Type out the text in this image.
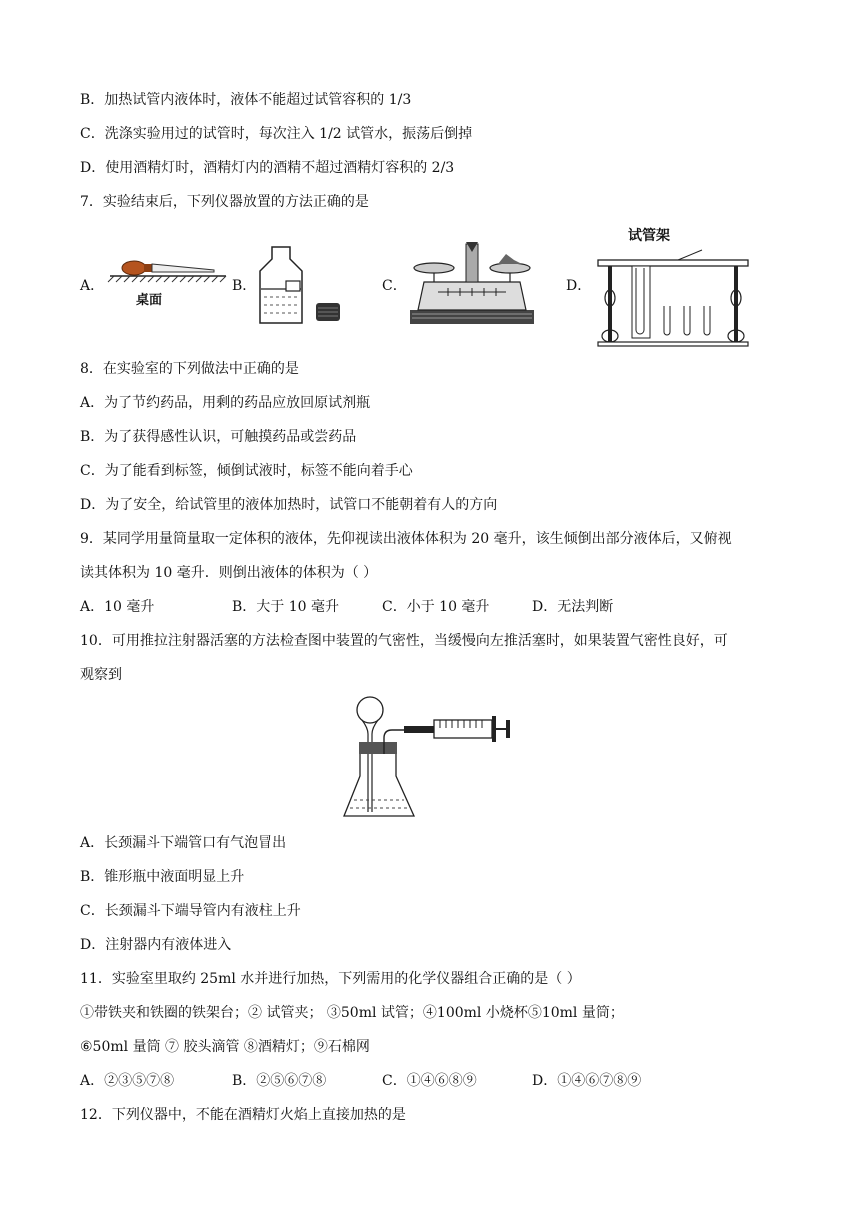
B．加热试管内液体时，液体不能超过试管容积的 1/3
C．洗涤实验用过的试管时，每次注入 1/2 试管水，振荡后倒掉
D．使用酒精灯时，酒精灯内的酒精不超过酒精灯容积的 2/3
7．实验结束后，下列仪器放置的方法正确的是
A．
桌面
B．	C．	D．
试管架
8．在实验室的下列做法中正确的是
A．为了节约药品，用剩的药品应放回原试剂瓶
B．为了获得感性认识，可触摸药品或尝药品
C．为了能看到标签，倾倒试液时，标签不能向着手心
D．为了安全，给试管里的液体加热时，试管口不能朝着有人的方向
9．某同学用量筒量取一定体积的液体，先仰视读出液体体积为 20 毫升，该生倾倒出部分液体后，又俯视
读其体积为 10 毫升．则倒出液体的体积为（ ）
A．10 毫升	B．大于 10 毫升	C．小于 10 毫升	D．无法判断
10．可用推拉注射器活塞的方法检查图中装置的气密性，当缓慢向左推活塞时，如果装置气密性良好，可
观察到
A．长颈漏斗下端管口有气泡冒出
B．锥形瓶中液面明显上升
C．长颈漏斗下端导管内有液柱上升
D．注射器内有液体进入
11．实验室里取约 25ml 水并进行加热，下列需用的化学仪器组合正确的是（ ）
①带铁夹和铁圈的铁架台；② 试管夹； ③50ml 试管；④100ml 小烧杯⑤10ml 量筒；
⑥50ml 量筒 ⑦ 胶头滴管 ⑧酒精灯；⑨石棉网
A．②③⑤⑦⑧	B．②⑤⑥⑦⑧	C．①④⑥⑧⑨	D．①④⑥⑦⑧⑨
12．下列仪器中，不能在酒精灯火焰上直接加热的是
